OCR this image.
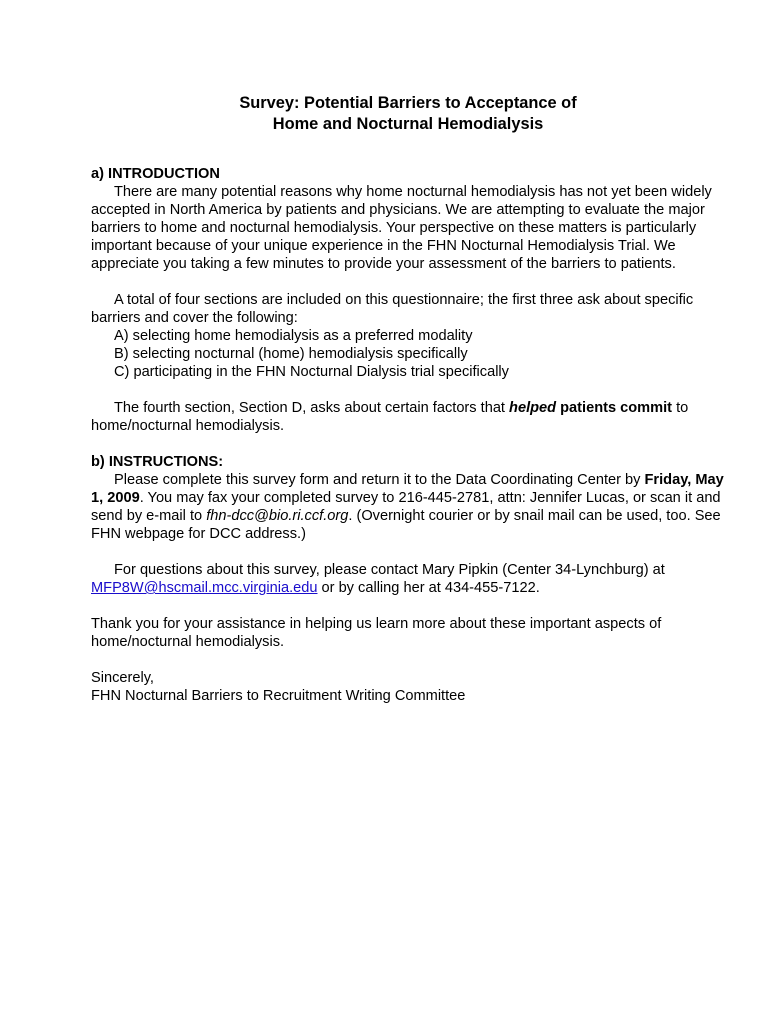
Survey: Potential Barriers to Acceptance of
Home and Nocturnal Hemodialysis

a) INTRODUCTION

There are many potential reasons why home nocturnal hemodialysis has not yet been widely accepted in North America by patients and physicians. We are attempting to evaluate the major barriers to home and nocturnal hemodialysis. Your perspective on these matters is particularly important because of your unique experience in the FHN Nocturnal Hemodialysis Trial. We appreciate you taking a few minutes to provide your assessment of the barriers to patients.

A total of four sections are included on this questionnaire; the first three ask about specific barriers and cover the following:

A) selecting home hemodialysis as a preferred modality

B) selecting nocturnal (home) hemodialysis specifically

C) participating in the FHN Nocturnal Dialysis trial specifically

The fourth section, Section D, asks about certain factors that helped patients commit to home/nocturnal hemodialysis.

b) INSTRUCTIONS:

Please complete this survey form and return it to the Data Coordinating Center by Friday, May 1, 2009. You may fax your completed survey to 216-445-2781, attn: Jennifer Lucas, or scan it and send by e-mail to fhn-dcc@bio.ri.ccf.org. (Overnight courier or by snail mail can be used, too. See FHN webpage for DCC address.)

For questions about this survey, please contact Mary Pipkin (Center 34-Lynchburg) at MFP8W@hscmail.mcc.virginia.edu or by calling her at 434-455-7122.

Thank you for your assistance in helping us learn more about these important aspects of home/nocturnal hemodialysis.

Sincerely,

FHN Nocturnal Barriers to Recruitment Writing Committee
